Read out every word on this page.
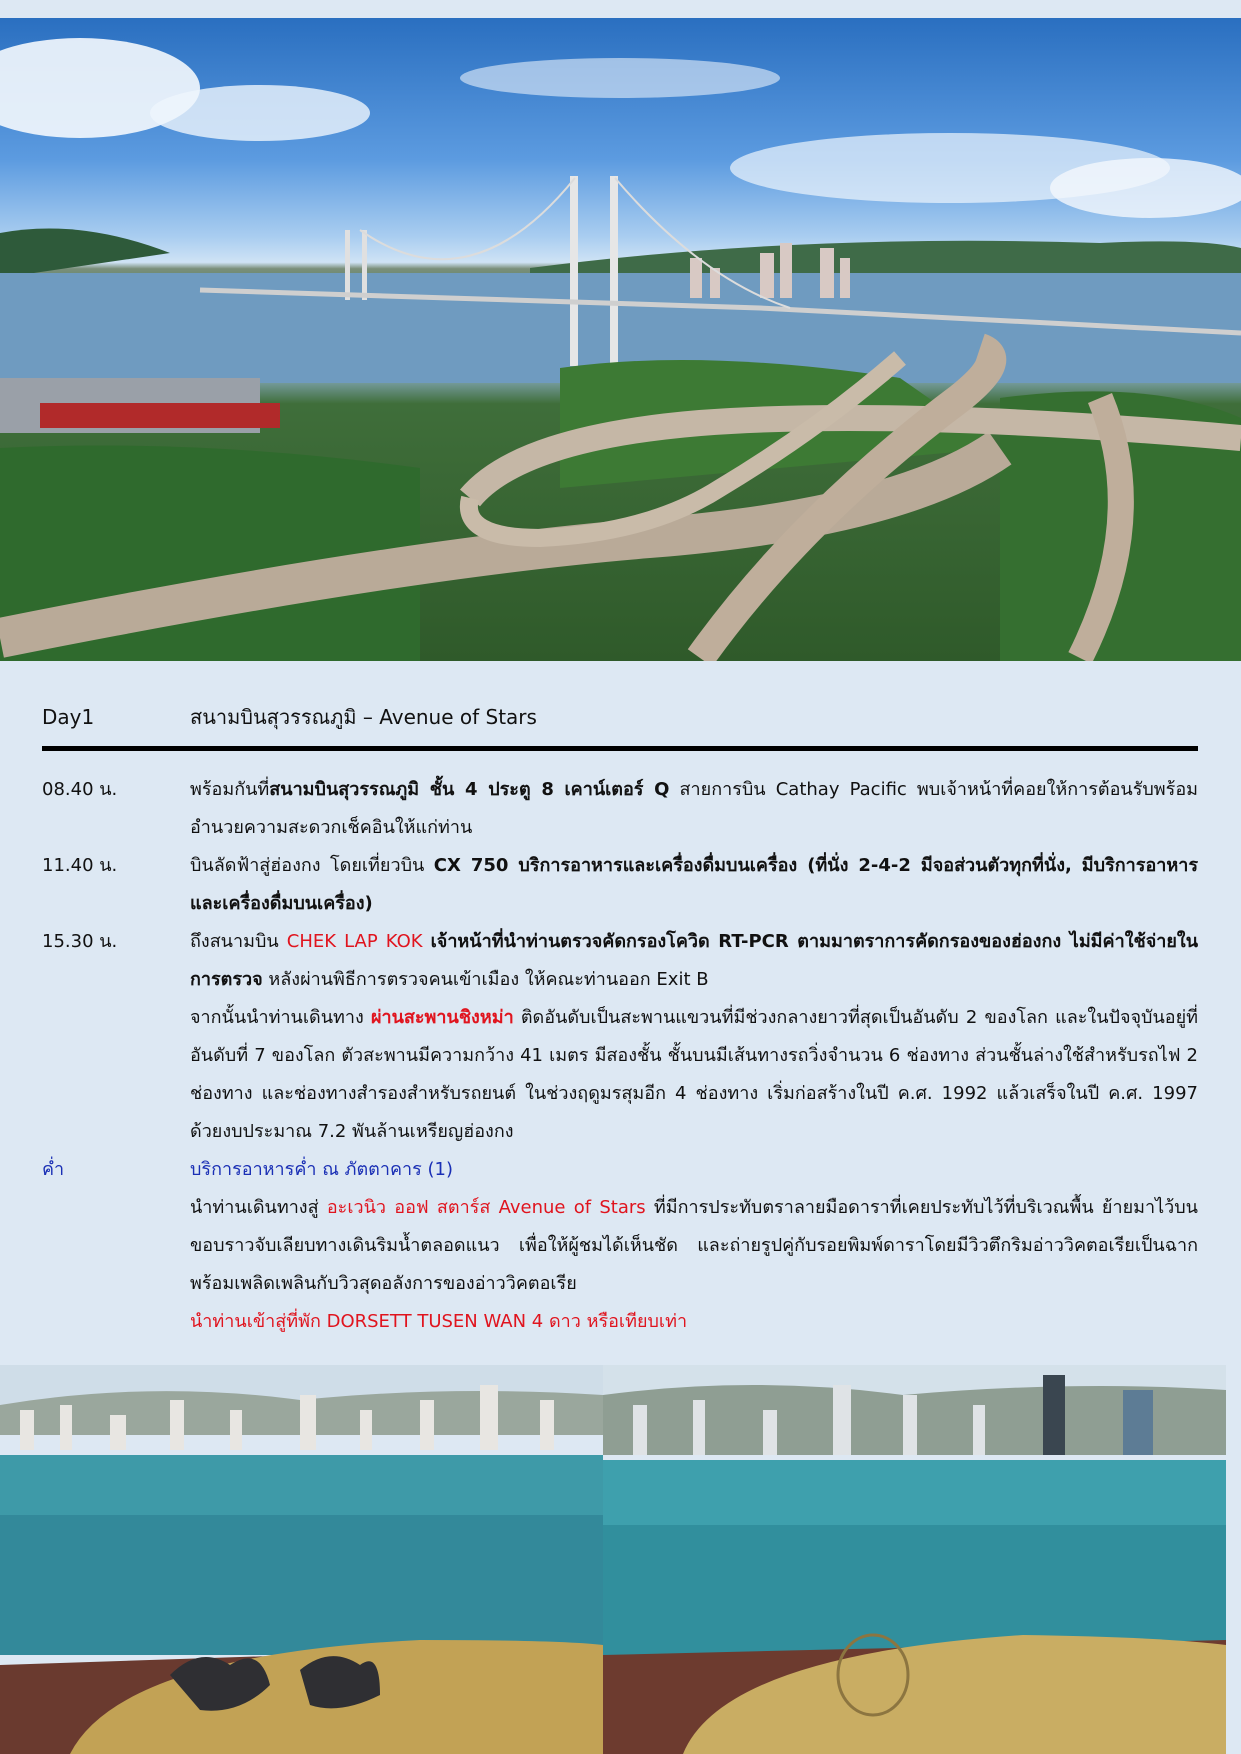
Day1	สนามบินสุวรรณภูมิ – Avenue of Stars
08.40 น.	พร้อมกันที่สนามบินสุวรรณภูมิ ชั้น 4 ประตู 8 เคาน์เตอร์ Q สายการบิน Cathay Pacific พบเจ้าหน้าที่คอยให้การต้อนรับพร้อมอำนวยความสะดวกเช็คอินให้แก่ท่าน
11.40 น.	บินลัดฟ้าสู่ฮ่องกง โดยเที่ยวบิน CX 750 บริการอาหารและเครื่องดื่มบนเครื่อง (ที่นั่ง 2-4-2 มีจอส่วนตัวทุกที่นั่ง, มีบริการอาหารและเครื่องดื่มบนเครื่อง)
15.30 น.	ถึงสนามบิน CHEK LAP KOK เจ้าหน้าที่นำท่านตรวจคัดกรองโควิด RT-PCR ตามมาตราการคัดกรองของฮ่องกง ไม่มีค่าใช้จ่ายในการตรวจ หลังผ่านพิธีการตรวจคนเข้าเมือง ให้คณะท่านออก Exit B
จากนั้นนำท่านเดินทาง ผ่านสะพานชิงหม่า ติดอันดับเป็นสะพานแขวนที่มีช่วงกลางยาวที่สุดเป็นอันดับ 2 ของโลก และในปัจจุบันอยู่ที่อันดับที่ 7 ของโลก ตัวสะพานมีความกว้าง 41 เมตร มีสองชั้น ชั้นบนมีเส้นทางรถวิ่งจำนวน 6 ช่องทาง ส่วนชั้นล่างใช้สำหรับรถไฟ 2 ช่องทาง และช่องทางสำรองสำหรับรถยนต์ ในช่วงฤดูมรสุมอีก 4 ช่องทาง เริ่มก่อสร้างในปี ค.ศ. 1992 แล้วเสร็จในปี ค.ศ. 1997 ด้วยงบประมาณ 7.2 พันล้านเหรียญฮ่องกง
ค่ำ	บริการอาหารค่ำ ณ ภัตตาคาร (1)
นำท่านเดินทางสู่ อะเวนิว ออฟ สตาร์ส Avenue of Stars ที่มีการประทับตราลายมือดาราที่เคยประทับไว้ที่บริเวณพื้น ย้ายมาไว้บนขอบราวจับเลียบทางเดินริมน้ำตลอดแนว เพื่อให้ผู้ชมได้เห็นชัด และถ่ายรูปคู่กับรอยพิมพ์ดาราโดยมีวิวตึกริมอ่าววิคตอเรียเป็นฉากพร้อมเพลิดเพลินกับวิวสุดอลังการของอ่าววิคตอเรีย
นำท่านเข้าสู่ที่พัก DORSETT TUSEN WAN 4 ดาว หรือเทียบเท่า
